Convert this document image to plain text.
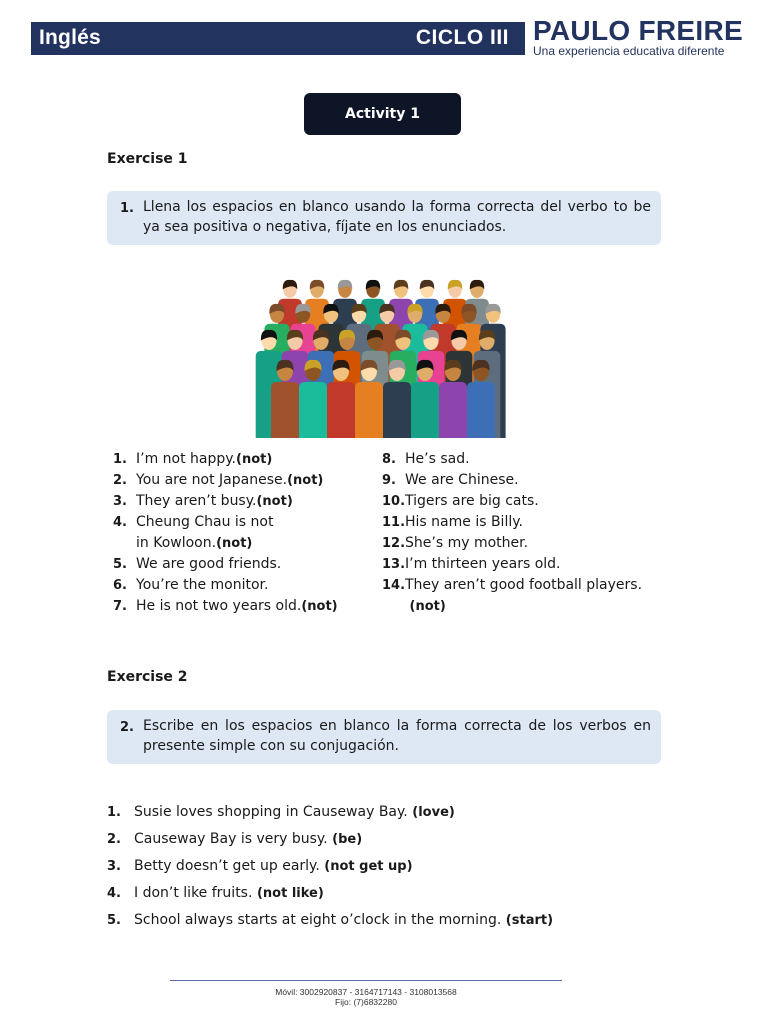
Inglés	CICLO III PAULO FREIRE
Una experiencia educativa diferente
Activity 1
Exercise 1
1. Llena los espacios en blanco usando la forma correcta del verbo to be ya sea positiva o negativa, fíjate en los enunciados.
1. I’m not happy.(not)
2. You are not Japanese.(not)
3. They aren’t busy.(not)
4. Cheung Chau is not
in Kowloon.(not)
5. We are good friends.
6. You’re the monitor.
7. He is not two years old.(not)
8. He’s sad.
9. We are Chinese.
10.Tigers are big cats.
11.His name is Billy.
12.She’s my mother.
13.I’m thirteen years old.
14.They aren’t good football players.
(not)
Exercise 2
2. Escribe en los espacios en blanco la forma correcta de los verbos en presente simple con su conjugación.
1. Susie loves shopping in Causeway Bay. (love)
2. Causeway Bay is very busy. (be)
3. Betty doesn’t get up early. (not get up)
4. I don’t like fruits. (not like)
5. School always starts at eight o’clock in the morning. (start)
Móvil: 3002920837 - 3164717143 - 3108013568
Fijo: (7)6832280
